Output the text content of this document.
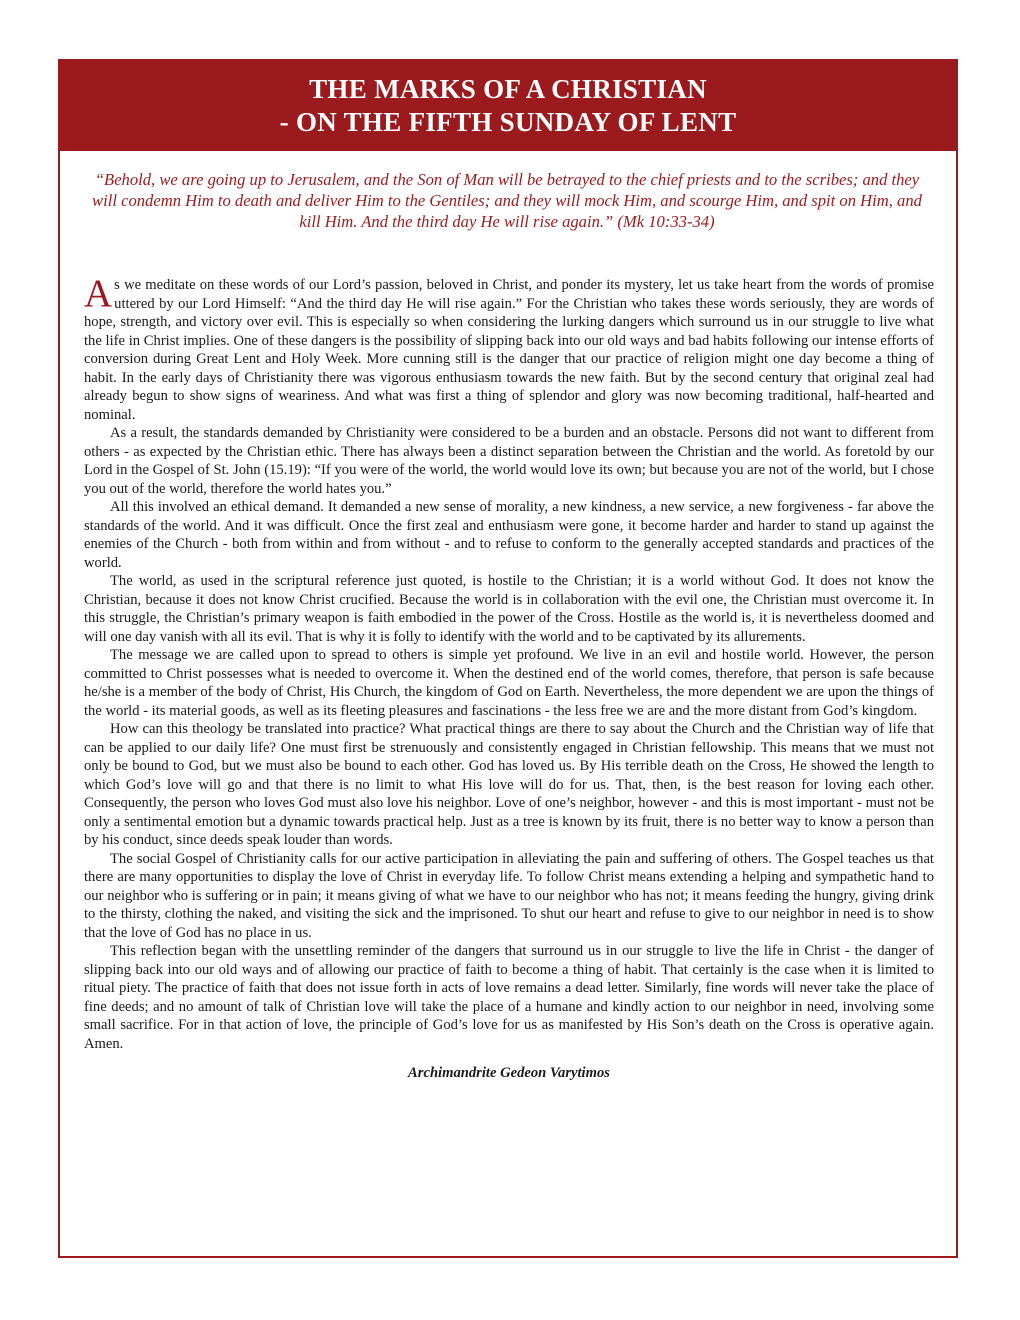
THE MARKS OF A CHRISTIAN
- ON THE FIFTH SUNDAY OF LENT
“Behold, we are going up to Jerusalem, and the Son of Man will be betrayed to the chief priests and to the scribes; and they will condemn Him to death and deliver Him to the Gentiles; and they will mock Him, and scourge Him, and spit on Him, and kill Him. And the third day He will rise again.” (Mk 10:33-34)

As we meditate on these words of our Lord’s passion, beloved in Christ, and ponder its mystery, let us take heart from the words of promise uttered by our Lord Himself: “And the third day He will rise again.” For the Christian who takes these words seriously, they are words of hope, strength, and victory over evil. This is especially so when considering the lurking dangers which surround us in our struggle to live what the life in Christ implies. One of these dangers is the possibility of slipping back into our old ways and bad habits following our intense efforts of conversion during Great Lent and Holy Week. More cunning still is the danger that our practice of religion might one day become a thing of habit. In the early days of Christianity there was vigorous enthusiasm towards the new faith. But by the second century that original zeal had already begun to show signs of weariness. And what was first a thing of splendor and glory was now becoming traditional, half-hearted and nominal.

As a result, the standards demanded by Christianity were considered to be a burden and an obstacle. Persons did not want to different from others - as expected by the Christian ethic. There has always been a distinct separation between the Christian and the world. As foretold by our Lord in the Gospel of St. John (15.19): “If you were of the world, the world would love its own; but because you are not of the world, but I chose you out of the world, therefore the world hates you.”

All this involved an ethical demand. It demanded a new sense of morality, a new kindness, a new service, a new forgiveness - far above the standards of the world. And it was difficult. Once the first zeal and enthusiasm were gone, it become harder and harder to stand up against the enemies of the Church - both from within and from without - and to refuse to conform to the generally accepted standards and practices of the world.

The world, as used in the scriptural reference just quoted, is hostile to the Christian; it is a world without God. It does not know the Christian, because it does not know Christ crucified. Because the world is in collaboration with the evil one, the Christian must overcome it. In this struggle, the Christian’s primary weapon is faith embodied in the power of the Cross. Hostile as the world is, it is nevertheless doomed and will one day vanish with all its evil. That is why it is folly to identify with the world and to be captivated by its allurements.

The message we are called upon to spread to others is simple yet profound. We live in an evil and hostile world. However, the person committed to Christ possesses what is needed to overcome it. When the destined end of the world comes, therefore, that person is safe because he/she is a member of the body of Christ, His Church, the kingdom of God on Earth. Nevertheless, the more dependent we are upon the things of the world - its material goods, as well as its fleeting pleasures and fascinations - the less free we are and the more distant from God’s kingdom.

How can this theology be translated into practice? What practical things are there to say about the Church and the Christian way of life that can be applied to our daily life? One must first be strenuously and consistently engaged in Christian fellowship. This means that we must not only be bound to God, but we must also be bound to each other. God has loved us. By His terrible death on the Cross, He showed the length to which God’s love will go and that there is no limit to what His love will do for us. That, then, is the best reason for loving each other. Consequently, the person who loves God must also love his neighbor. Love of one’s neighbor, however - and this is most important - must not be only a sentimental emotion but a dynamic towards practical help. Just as a tree is known by its fruit, there is no better way to know a person than by his conduct, since deeds speak louder than words.

The social Gospel of Christianity calls for our active participation in alleviating the pain and suffering of others. The Gospel teaches us that there are many opportunities to display the love of Christ in everyday life. To follow Christ means extending a helping and sympathetic hand to our neighbor who is suffering or in pain; it means giving of what we have to our neighbor who has not; it means feeding the hungry, giving drink to the thirsty, clothing the naked, and visiting the sick and the imprisoned. To shut our heart and refuse to give to our neighbor in need is to show that the love of God has no place in us.

This reflection began with the unsettling reminder of the dangers that surround us in our struggle to live the life in Christ - the danger of slipping back into our old ways and of allowing our practice of faith to become a thing of habit. That certainly is the case when it is limited to ritual piety. The practice of faith that does not issue forth in acts of love remains a dead letter. Similarly, fine words will never take the place of fine deeds; and no amount of talk of Christian love will take the place of a humane and kindly action to our neighbor in need, involving some small sacrifice. For in that action of love, the principle of God’s love for us as manifested by His Son’s death on the Cross is operative again. Amen.

Archimandrite Gedeon Varytimos
